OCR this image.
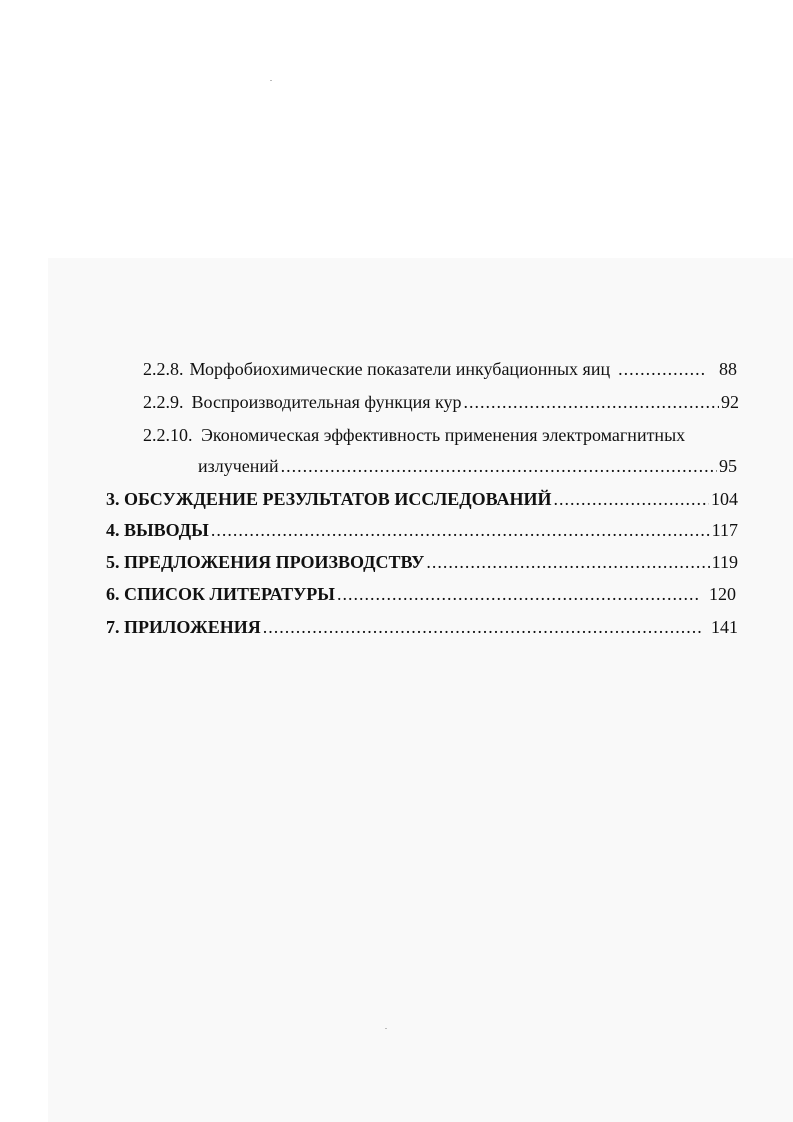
2.2.8. Морфобиохимические показатели инкубационных яиц .....	88
2.2.9. Воспроизводительная функция кур .....	92
2.2.10. Экономическая эффективность применения электромагнитных
излучений .....	95
3. ОБСУЖДЕНИЕ РЕЗУЛЬТАТОВ ИССЛЕДОВАНИЙ .....	104
4. ВЫВОДЫ .....	117
5. ПРЕДЛОЖЕНИЯ ПРОИЗВОДСТВУ .....	119
6. СПИСОК ЛИТЕРАТУРЫ .....	120
7. ПРИЛОЖЕНИЯ .....	141
